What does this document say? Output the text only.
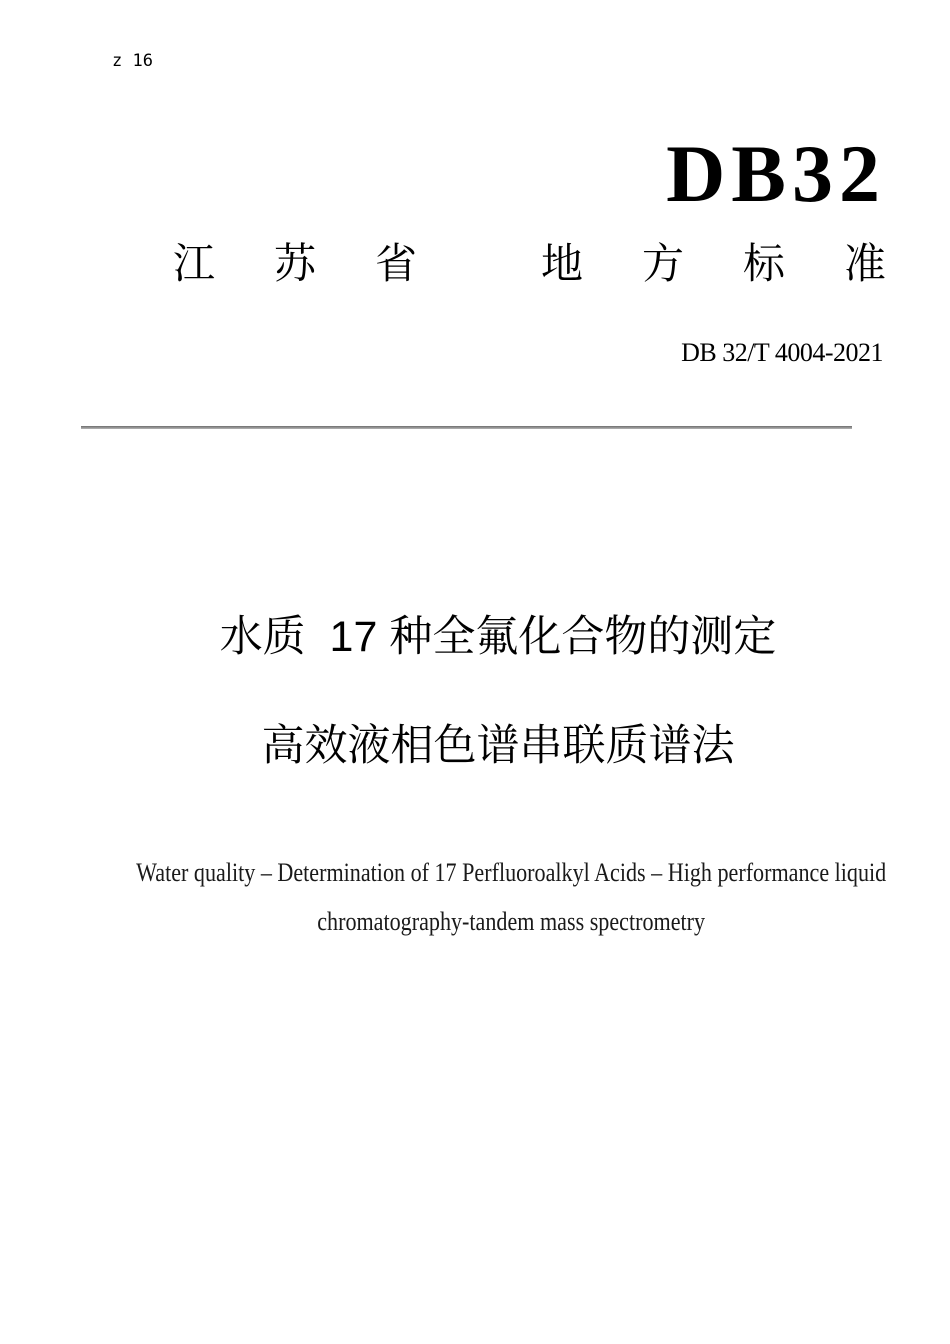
z 16
DB32
江苏省 地方标准
DB 32/T 4004-2021
水质  17 种全氟化合物的测定
高效液相色谱串联质谱法

Water quality – Determination of 17 Perfluoroalkyl Acids – High performance liquid

chromatography-tandem mass spectrometry
